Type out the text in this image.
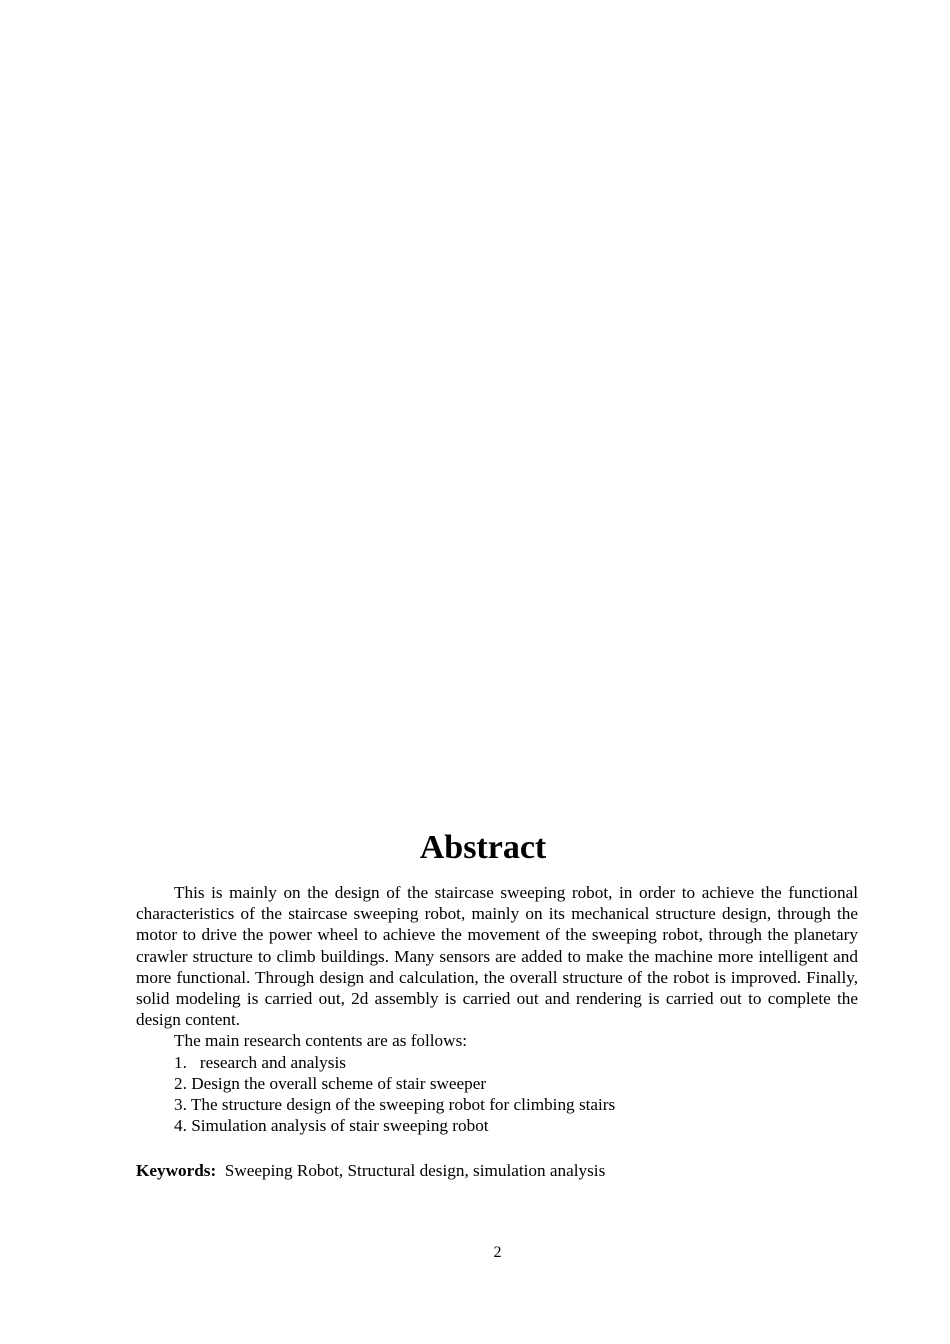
Abstract

This is mainly on the design of the staircase sweeping robot, in order to achieve the functional characteristics of the staircase sweeping robot, mainly on its mechanical structure design, through the motor to drive the power wheel to achieve the movement of the sweeping robot, through the planetary crawler structure to climb buildings. Many sensors are added to make the machine more intelligent and more functional. Through design and calculation, the overall structure of the robot is improved. Finally, solid modeling is carried out, 2d assembly is carried out and rendering is carried out to complete the design content.

The main research contents are as follows:

1. research and analysis
2. Design the overall scheme of stair sweeper
3. The structure design of the sweeping robot for climbing stairs
4. Simulation analysis of stair sweeping robot
Keywords: Sweeping Robot, Structural design, simulation analysis
2
